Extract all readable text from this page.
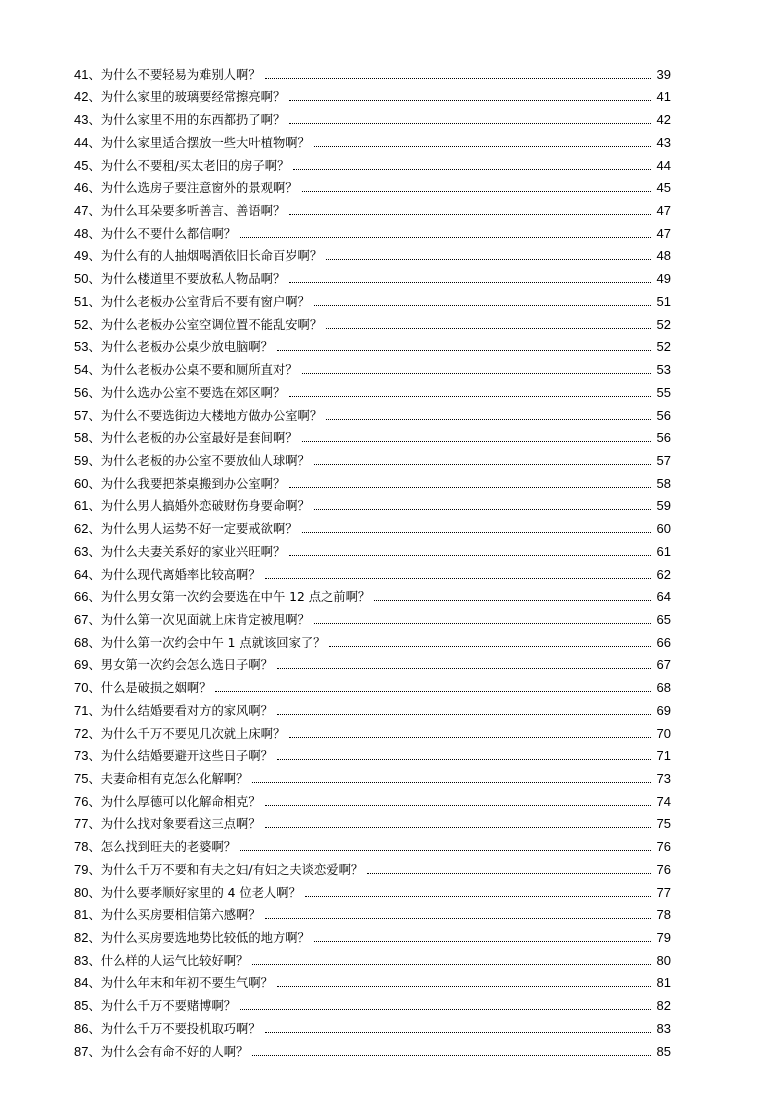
41 、 为什么不要轻易为难别人啊？	39
42 、 为什么家里的玻璃要经常擦亮啊？	41
43 、 为什么家里不用的东西都扔了啊？	42
44 、 为什么家里适合摆放一些大叶植物啊？	43
45 、 为什么不要租/买太老旧的房子啊？	44
46 、 为什么选房子要注意窗外的景观啊？	45
47 、 为什么耳朵要多听善言、善语啊？	47
48 、 为什么不要什么都信啊？	47
49 、 为什么有的人抽烟喝酒依旧长命百岁啊？	48
50 、 为什么楼道里不要放私人物品啊？	49
51 、 为什么老板办公室背后不要有窗户啊？	51
52 、 为什么老板办公室空调位置不能乱安啊？	52
53 、 为什么老板办公桌少放电脑啊？	52
54 、 为什么老板办公桌不要和厕所直对？	53
56 、 为什么选办公室不要选在郊区啊？	55
57 、 为什么不要选街边大楼地方做办公室啊？	56
58 、 为什么老板的办公室最好是套间啊？	56
59 、 为什么老板的办公室不要放仙人球啊？	57
60 、 为什么我要把茶桌搬到办公室啊？	58
61 、 为什么男人搞婚外恋破财伤身要命啊？	59
62 、 为什么男人运势不好一定要戒欲啊？	60
63 、 为什么夫妻关系好的家业兴旺啊？	61
64 、 为什么现代离婚率比较高啊？	62
66 、 为什么男女第一次约会要选在中午 12 点之前啊？	64
67 、 为什么第一次见面就上床肯定被甩啊？	65
68 、 为什么第一次约会中午 1 点就该回家了？	66
69 、 男女第一次约会怎么选日子啊？	67
70 、 什么是破损之姻啊？	68
71 、 为什么结婚要看对方的家风啊？	69
72 、 为什么千万不要见几次就上床啊？	70
73 、 为什么结婚要避开这些日子啊？	71
75 、 夫妻命相有克怎么化解啊？	73
76 、 为什么厚德可以化解命相克？	74
77 、 为什么找对象要看这三点啊？	75
78 、 怎么找到旺夫的老婆啊？	76
79 、 为什么千万不要和有夫之妇/有妇之夫谈恋爱啊？	76
80 、 为什么要孝顺好家里的 4 位老人啊？	77
81 、 为什么买房要相信第六感啊？	78
82 、 为什么买房要选地势比较低的地方啊？	79
83 、 什么样的人运气比较好啊？	80
84 、 为什么年末和年初不要生气啊？	81
85 、 为什么千万不要赌博啊？	82
86 、 为什么千万不要投机取巧啊？	83
87 、 为什么会有命不好的人啊？	85
